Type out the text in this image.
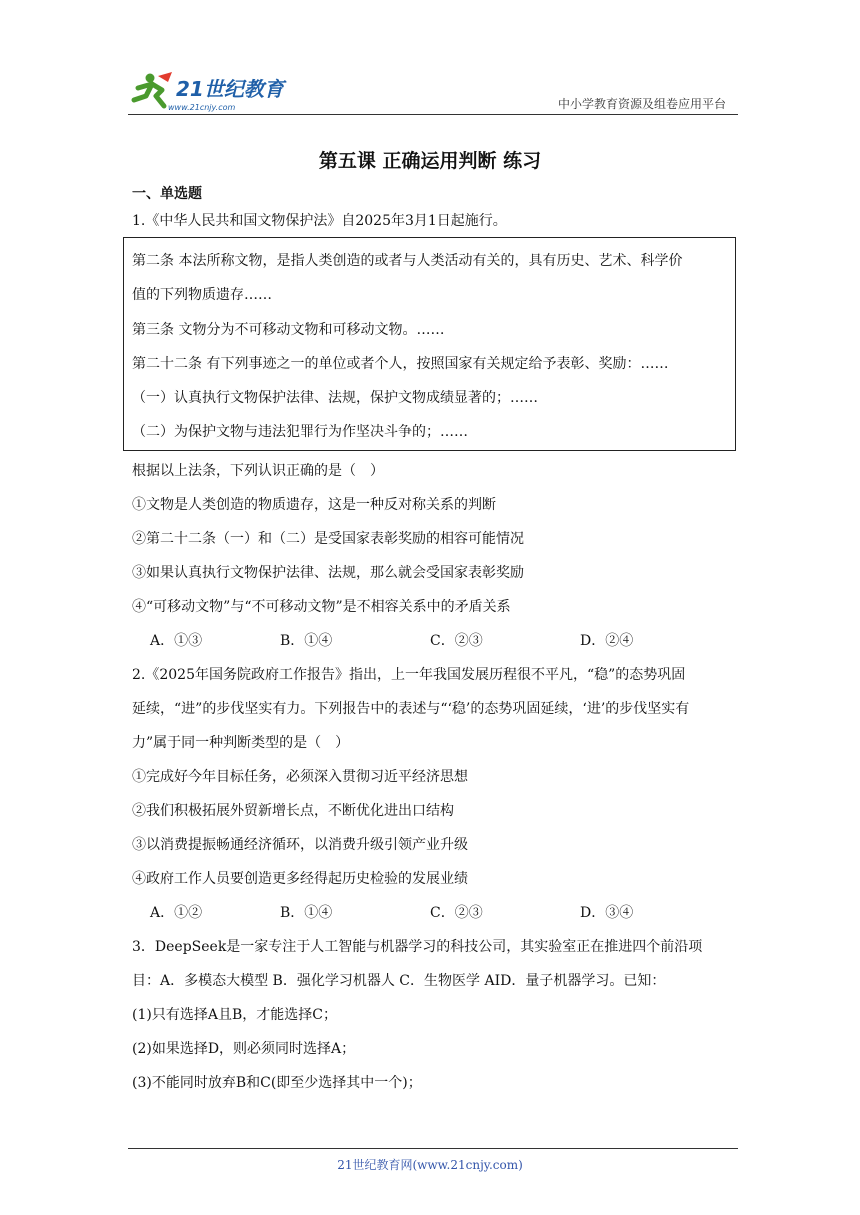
21世纪教育
www.21cnjy.com	中小学教育资源及组卷应用平台
第五课 正确运用判断 练习
一、单选题
1.《中华人民共和国文物保护法》自2025年3月1日起施行。
第二条 本法所称文物，是指人类创造的或者与人类活动有关的，具有历史、艺术、科学价
值的下列物质遗存……
第三条 文物分为不可移动文物和可移动文物。……
第二十二条 有下列事迹之一的单位或者个人，按照国家有关规定给予表彰、奖励：……
（一）认真执行文物保护法律、法规，保护文物成绩显著的；……
（二）为保护文物与违法犯罪行为作坚决斗争的；……
根据以上法条，下列认识正确的是（　）
①文物是人类创造的物质遗存，这是一种反对称关系的判断
②第二十二条（一）和（二）是受国家表彰奖励的相容可能情况
③如果认真执行文物保护法律、法规，那么就会受国家表彰奖励
④“可移动文物”与“不可移动文物”是不相容关系中的矛盾关系
A．①③	B．①④	C．②③	D．②④
2.《2025年国务院政府工作报告》指出，上一年我国发展历程很不平凡，“稳”的态势巩固
延续，“进”的步伐坚实有力。下列报告中的表述与“‘稳’的态势巩固延续，‘进’的步伐坚实有
力”属于同一种判断类型的是（　）
①完成好今年目标任务，必须深入贯彻习近平经济思想
②我们积极拓展外贸新增长点，不断优化进出口结构
③以消费提振畅通经济循环，以消费升级引领产业升级
④政府工作人员要创造更多经得起历史检验的发展业绩
A．①②	B．①④	C．②③	D．③④
3．DeepSeek是一家专注于人工智能与机器学习的科技公司，其实验室正在推进四个前沿项
目：A．多模态大模型 B．强化学习机器人 C．生物医学 AID．量子机器学习。已知：
(1)只有选择A且B，才能选择C；
(2)如果选择D，则必须同时选择A；
(3)不能同时放弃B和C(即至少选择其中一个)；
21世纪教育网(www.21cnjy.com)
